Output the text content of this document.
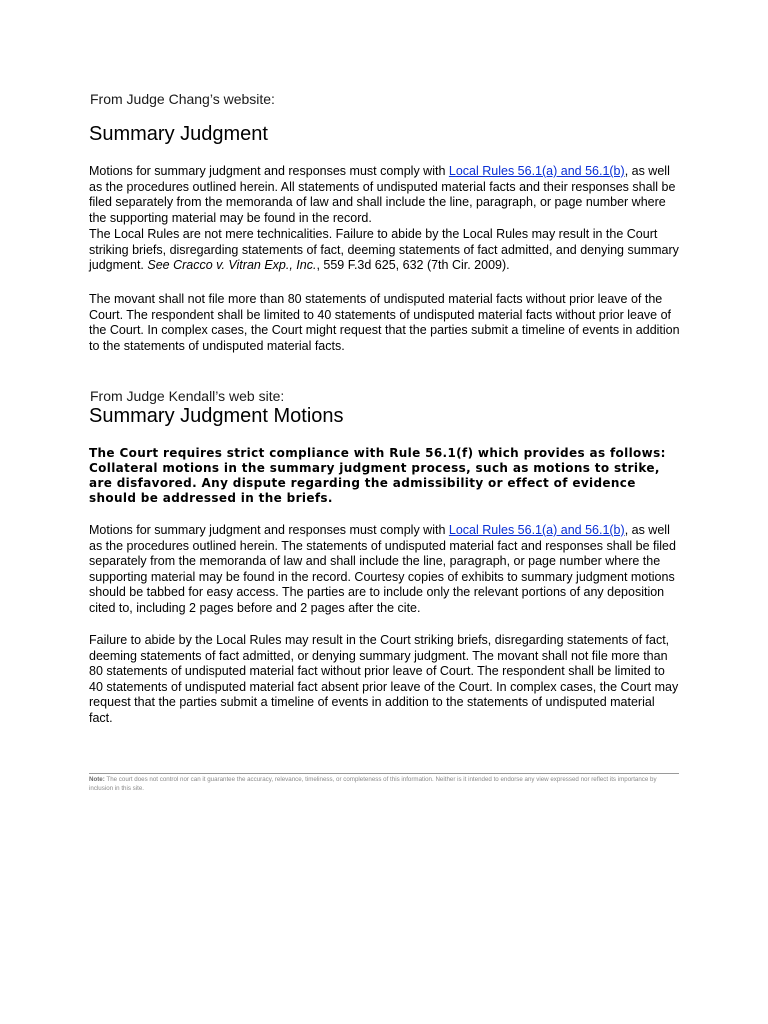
From Judge Chang’s website:

Summary Judgment

Motions for summary judgment and responses must comply with Local Rules 56.1(a) and 56.1(b), as well as the procedures outlined herein. All statements of undisputed material facts and their responses shall be filed separately from the memoranda of law and shall include the line, paragraph, or page number where the supporting material may be found in the record.

The Local Rules are not mere technicalities. Failure to abide by the Local Rules may result in the Court striking briefs, disregarding statements of fact, deeming statements of fact admitted, and denying summary judgment. See Cracco v. Vitran Exp., Inc., 559 F.3d 625, 632 (7th Cir. 2009).

The movant shall not file more than 80 statements of undisputed material facts without prior leave of the Court. The respondent shall be limited to 40 statements of undisputed material facts without prior leave of the Court. In complex cases, the Court might request that the parties submit a timeline of events in addition to the statements of undisputed material facts.

From Judge Kendall’s web site:

Summary Judgment Motions

The Court requires strict compliance with Rule 56.1(f) which provides as follows:

Collateral motions in the summary judgment process, such as motions to strike,

are disfavored. Any dispute regarding the admissibility or effect of evidence

should be addressed in the briefs.

Motions for summary judgment and responses must comply with Local Rules 56.1(a) and 56.1(b), as well as the procedures outlined herein. The statements of undisputed material fact and responses shall be filed separately from the memoranda of law and shall include the line, paragraph, or page number where the supporting material may be found in the record. Courtesy copies of exhibits to summary judgment motions should be tabbed for easy access. The parties are to include only the relevant portions of any deposition cited to, including 2 pages before and 2 pages after the cite.

Failure to abide by the Local Rules may result in the Court striking briefs, disregarding statements of fact, deeming statements of fact admitted, or denying summary judgment. The movant shall not file more than 80 statements of undisputed material fact without prior leave of Court. The respondent shall be limited to 40 statements of undisputed material fact absent prior leave of the Court. In complex cases, the Court may request that the parties submit a timeline of events in addition to the statements of undisputed material fact.

Note: The court does not control nor can it guarantee the accuracy, relevance, timeliness, or completeness of this information. Neither is it intended to endorse any view expressed nor reflect its importance by inclusion in this site.
